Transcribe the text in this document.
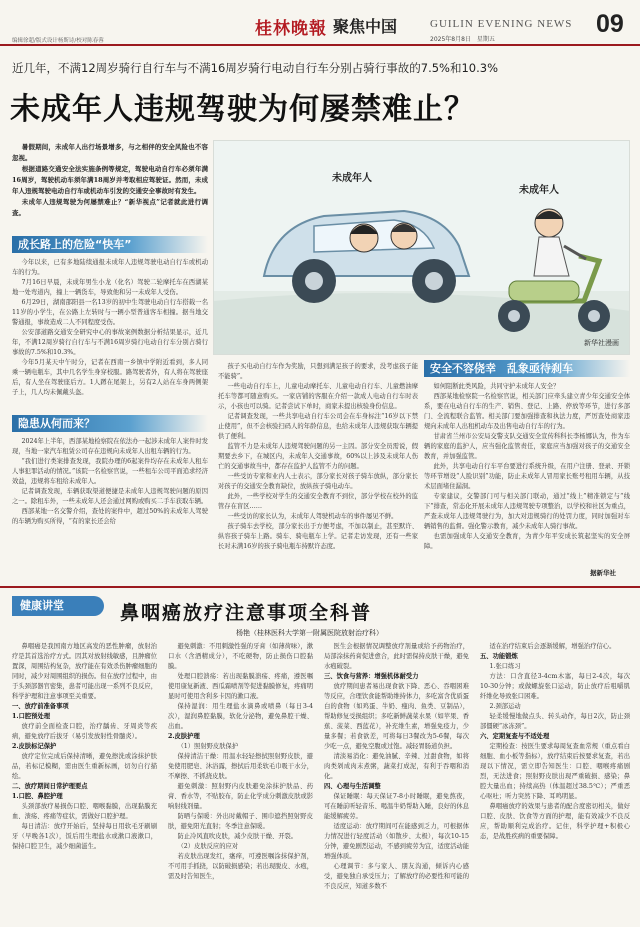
编辑徐超/版式设计杨斯诗/校对陈春蓉
桂林晚報 聚焦中国	GUILIN EVENING NEWS
2025年8月8日　星期五
09
近几年，不满12周岁骑行自行车与不满16周岁骑行电动自行车分别占骑行事故的7.5%和10.3%
未成年人违规驾驶为何屡禁难止？

暑假期间，未成年人出行场景增多，与之相伴的安全风险也不容忽视。

根据道路交通安全法实施条例等规定，驾驶电动自行车必须年满16周岁，驾驶机动车须年满18周岁并考取相应驾驶证。然而，未成年人违规驾驶电动自行车或机动车引发的交通安全事故时有发生。

未成年人违规驾驶为何屡禁难止？“新华视点”记者就此进行调查。

未成年人
未成年人
新华社漫画
成长路上的危险“快车”

今年以来，已有多地陆续通报未成年人违规驾驶电动自行车或机动车的行为。

7月16日早晨，未成年男生小龙（化名）驾驶二轮摩托车在西湖某地一处弯道内，撞上一辆货车，导致他和另一未成年人受伤。

6月29日，湖南邵阳县一名13岁的初中生驾驶电动自行车搭载一名11岁的小学生，在公路上左转时与一辆小型普通客车相撞。据当地交警通报，事故造成二人不同程度受伤。

公安部道路交通安全研究中心的事故案例数据分析结果显示，近几年，不满12周岁骑行自行车与不满16周岁骑行电动自行车分别占骑行事故的7.5%和10.3%。

今年5月某天中午时分，记者在西南一乡镇中学附近看到，多人同乘一辆电瓶车，其中几名学生身穿校服。路驾驶者外，有人将在驾驶座后，有人坐在驾驶座后方。1人蹲在尾架上，另有2人站在车身两侧架子上，几人均未佩戴头盔。

隐患从何而来？

2024年上半年，西部某地检察院在依法办一起涉未成年人案件时发现，当地一家汽车租赁公司存在违规向未成年人出租车辆的行为。

“我们进行类案排查发现，我院办理的6起案件均存在未成年人租车人事犯罪活动的情况。”该院一名检察官说，一些租车公司平面追求经济效益，违规将车租给未成年人。

记者调查发现，车辆获取渠道便捷是未成年人违规驾驶问题的原因之一。除租车外，一些未成年人还会通过网购或购买二手车获取车辆。

西部某地一名交警介绍，查处的案件中，超过50%的未成年人驾驶的车辆为购买所得，“有的家长还会给

孩子买电动自行车作为奖励，只想到满足孩子的要求，没考虑孩子能不能骑”。

一些电动自行车上，儿童电动摩托车、儿童电动自行车、儿童燃油摩托车等都可随意购买。一家店铺的客服在介绍一款成人电动自行车时表示，小孩也可以骑。记者尝试下单时，商家未提出核验身份信息。

记者调查发现，一些共享电动自行车公司会在车身标注“16岁以下禁止使用”，但不会核验扫码人的年龄信息，也给未成年人违规获取车辆提供了便利。

监管不力是未成年人违规驾驶问题的另一主因。部分安全员需说，假期要去乡下，在城区内，未成年人交通事故，60%以上涉及未成年人伤亡的交通事故当中，都存在监护人监管不力的问题。

一些受访专家和业内人士表示，部分家长对孩子骑车放纵，部分家长对孩子的交通安全教育缺位，放纵孩子骑电动车。

此外，一些学校对学生的交通安全教育不到位，部分学校在校外的监管存在盲区……

一些受访的家长认为，未成年人驾驶机动车的事件屡见不鲜。

孩子骑车去学校，部分家长出于方便考虑，不加以制止，甚至默许、纵容孩子骑车上路。骑车、骑电瓶车上学。记者走访发现，还有一些家长对未满16岁的孩子骑电瓶车持默许态度。

安全不容侥幸　乱象亟待刹车

如何阻断此类风险，共同守护未成年人安全？

西部某地检察院一名检察官说，相关部门应牵头建立青少年交通安全体系，要在电动自行车的生产、销售、登记、上路、停放等环节，进行多部门、全流程联合监管。相关部门要加强排查和执法力度，严厉查处商家违规向未成年人出租机动车及出售电动自行车的行为。

甘肃省兰州市公安局交警支队交通安全宣传科科长李杨娜认为，作为车辆的家庭的监护人，应当强化监管责任，家庭应当加强对孩子的交通安全教育，并加强监管。

此外，共享电动自行车平台要进行系统升级，在用户注册、登录、开锁等环节增设“人脸识别”功能，防止未成年人冒用家长账号租用车辆，从技术层面堵住漏洞。

专家建议，交警部门可与相关部门联动，通过“线上”精准锁定与“线下”排查，常态化开展未成年人违规驾驶专项整治，以学校和社区为重点，严查未成年人违规驾驶行为，加大对违规骑行的处罚力度，同时加强对车辆销售的监督。强化警示教育，减少未成年人骑行事故。

也需加强成年人交通安全教育，为青少年平安成长筑起坚实的安全屏障。

据新华社
健康讲堂	鼻咽癌放疗注意事项全科普
杨艳（桂林医科大学第一附属医院放射治疗科）

鼻咽癌是我国南方地区高发的恶性肿瘤，放射治疗是其首选治疗方式。因其对放射线敏感，且肿瘤位置深，周围结构复杂，放疗能在有效杀伤肿瘤细胞的同时，减少对周围组织的损伤。但在放疗过程中，由于头颈部器官密集，患者可能出现一系列不良反应，科学护理和注意事项至关重要。

一、放疗前准备事项

1.口腔预处理

放疗前全面检查口腔，治疗龋齿、牙周炎等疾病，避免放疗后拔牙（易引发放射性骨髓炎）。

2.皮肤标记保护

放疗定位完成后保持清晰，避免擦洗或涂抹护肤品，若标记模糊，需由医生重新标画，切勿自行描绘。

二、放疗期间日常护理要点

1.口腔、鼻腔护理

头颈部放疗易损伤口腔、咽喉黏膜，出现黏膜充血、溃疡、疼痛等症状，需做好口腔护理。

每日清洁：放疗开始后，坚持每日用软毛牙刷刷牙（早晚各1次），饭后用生理盐水或漱口液漱口，保持口腔卫生，减少细菌滋生。

避免刺激：不用刺激性强的牙膏（如薄荷味），漱口水（含酒精成分），不吃硬物，防止损伤口腔黏膜。

处理口腔溃疡：若出现黏膜溃疡、疼痛，遵医嘱使用康复新液、西瓜霜喷剂等促进黏膜修复，疼痛明显时可使用含利多卡因的漱口液。

保持湿润：用生理盐水滴鼻或喷鼻（每日3-4次），湿润鼻腔黏膜，软化分泌物，避免鼻腔干燥、出血。

2.皮肤护理

（1）照射野皮肤保护

保持清洁干燥：用温水轻轻擦拭照射野皮肤，避免使用肥皂、沐浴露，擦拭后用柔软毛巾吸干水分，不摩擦、不抓挠皮肤。

避免刺激：照射野内皮肤避免涂抹护肤品、药膏、香水等，不贴胶布，防止化学成分刺激皮肤或影响射线剂量。

防晒与保暖：外出时戴帽子、围巾遮挡照射野皮肤，避免阳光直射；冬季注意保暖。

防止冷风直吹皮肤，减少皮肤干燥、开裂。

（2）皮肤反应的应对

若皮肤出现发红，瘙痒，可遵医嘱涂抹保护剂，不可用手抓挠，以防破损感染；若出现脱皮、水疱，需及时告知医生，

医生会根据情况调整放疗剂量或给予药物治疗，局部涂抹药膏促进愈合，此时需保持皮肤干燥，避免水疱破裂。

三、饮食与营养：增强机体耐受力

放疗期间患者易出现食欲下降、恶心、吞咽困难等反应，合理饮食能帮助维持体力，多吃富含优质蛋白的食物（如鸡蛋、牛奶、瘦肉、鱼类、豆制品），帮助修复受损组织；多吃新鲜蔬菜水果（如苹果、香蕉、菠菜、西蓝花），补充维生素，增强免疫力，少量多餐；若食欲差，可将每日3餐改为5-6餐，每次少吃一点，避免空腹或过饱。减轻胃肠道负担。

清淡易消化：避免油腻、辛辣、过甜食物，如将肉类剁成肉末煮粥，蔬菜打成泥，有利于吞咽和消化。

四、心理与生活调整

保证睡眠：每天保证7-8小时睡眠，避免熬夜，可在睡前听轻音乐、喝温牛奶帮助入睡，良好的休息能缓解疲劳。

适度运动：放疗期间可在能感到乏力，可根据体力情况进行轻度活动（如散步、太极），每次10-15分钟，避免剧烈运动，不感到疲劳为宜，适度活动能增强体质。

心理调节：多与家人、朋友沟通，倾诉内心感受，避免独自承受压力；了解放疗的必要性和可能的不良反应，知道多数不

适在治疗结束后会逐渐缓解，增强治疗信心。

五、功能锻炼

1.张口练习

方法：口含直径3-4cm木塞，每日2-4次，每次10-30分钟；或做螺旋张口运动，防止放疗后咀嚼肌纤维化导致张口困难。

2.颈部运动

轻柔缓慢地做点头、转头动作，每日2次，防止颈部僵硬“冰冻颈”。

六、定期复查与不适处理

定期检查：按医生要求每周复查血常规（重点看白细胞、血小板等指标），放疗结束后按要求复查，若出现以下情况，需立即告知医生：口腔、咽喉疼痛剧烈，无法进食；照射野皮肤出现严重破损、感染；鼻腔大量出血；持续高热（体温超过38.5℃）；严重恶心呕吐；听力突然下降、耳鸣明显。

鼻咽癌放疗的效果与患者的配合度密切相关，做好口腔、皮肤、饮食等方面的护理，能有效减少不良反应，帮助顺利完成治疗。记住，科学护理+积极心态，是战胜疾病的重要保障。
